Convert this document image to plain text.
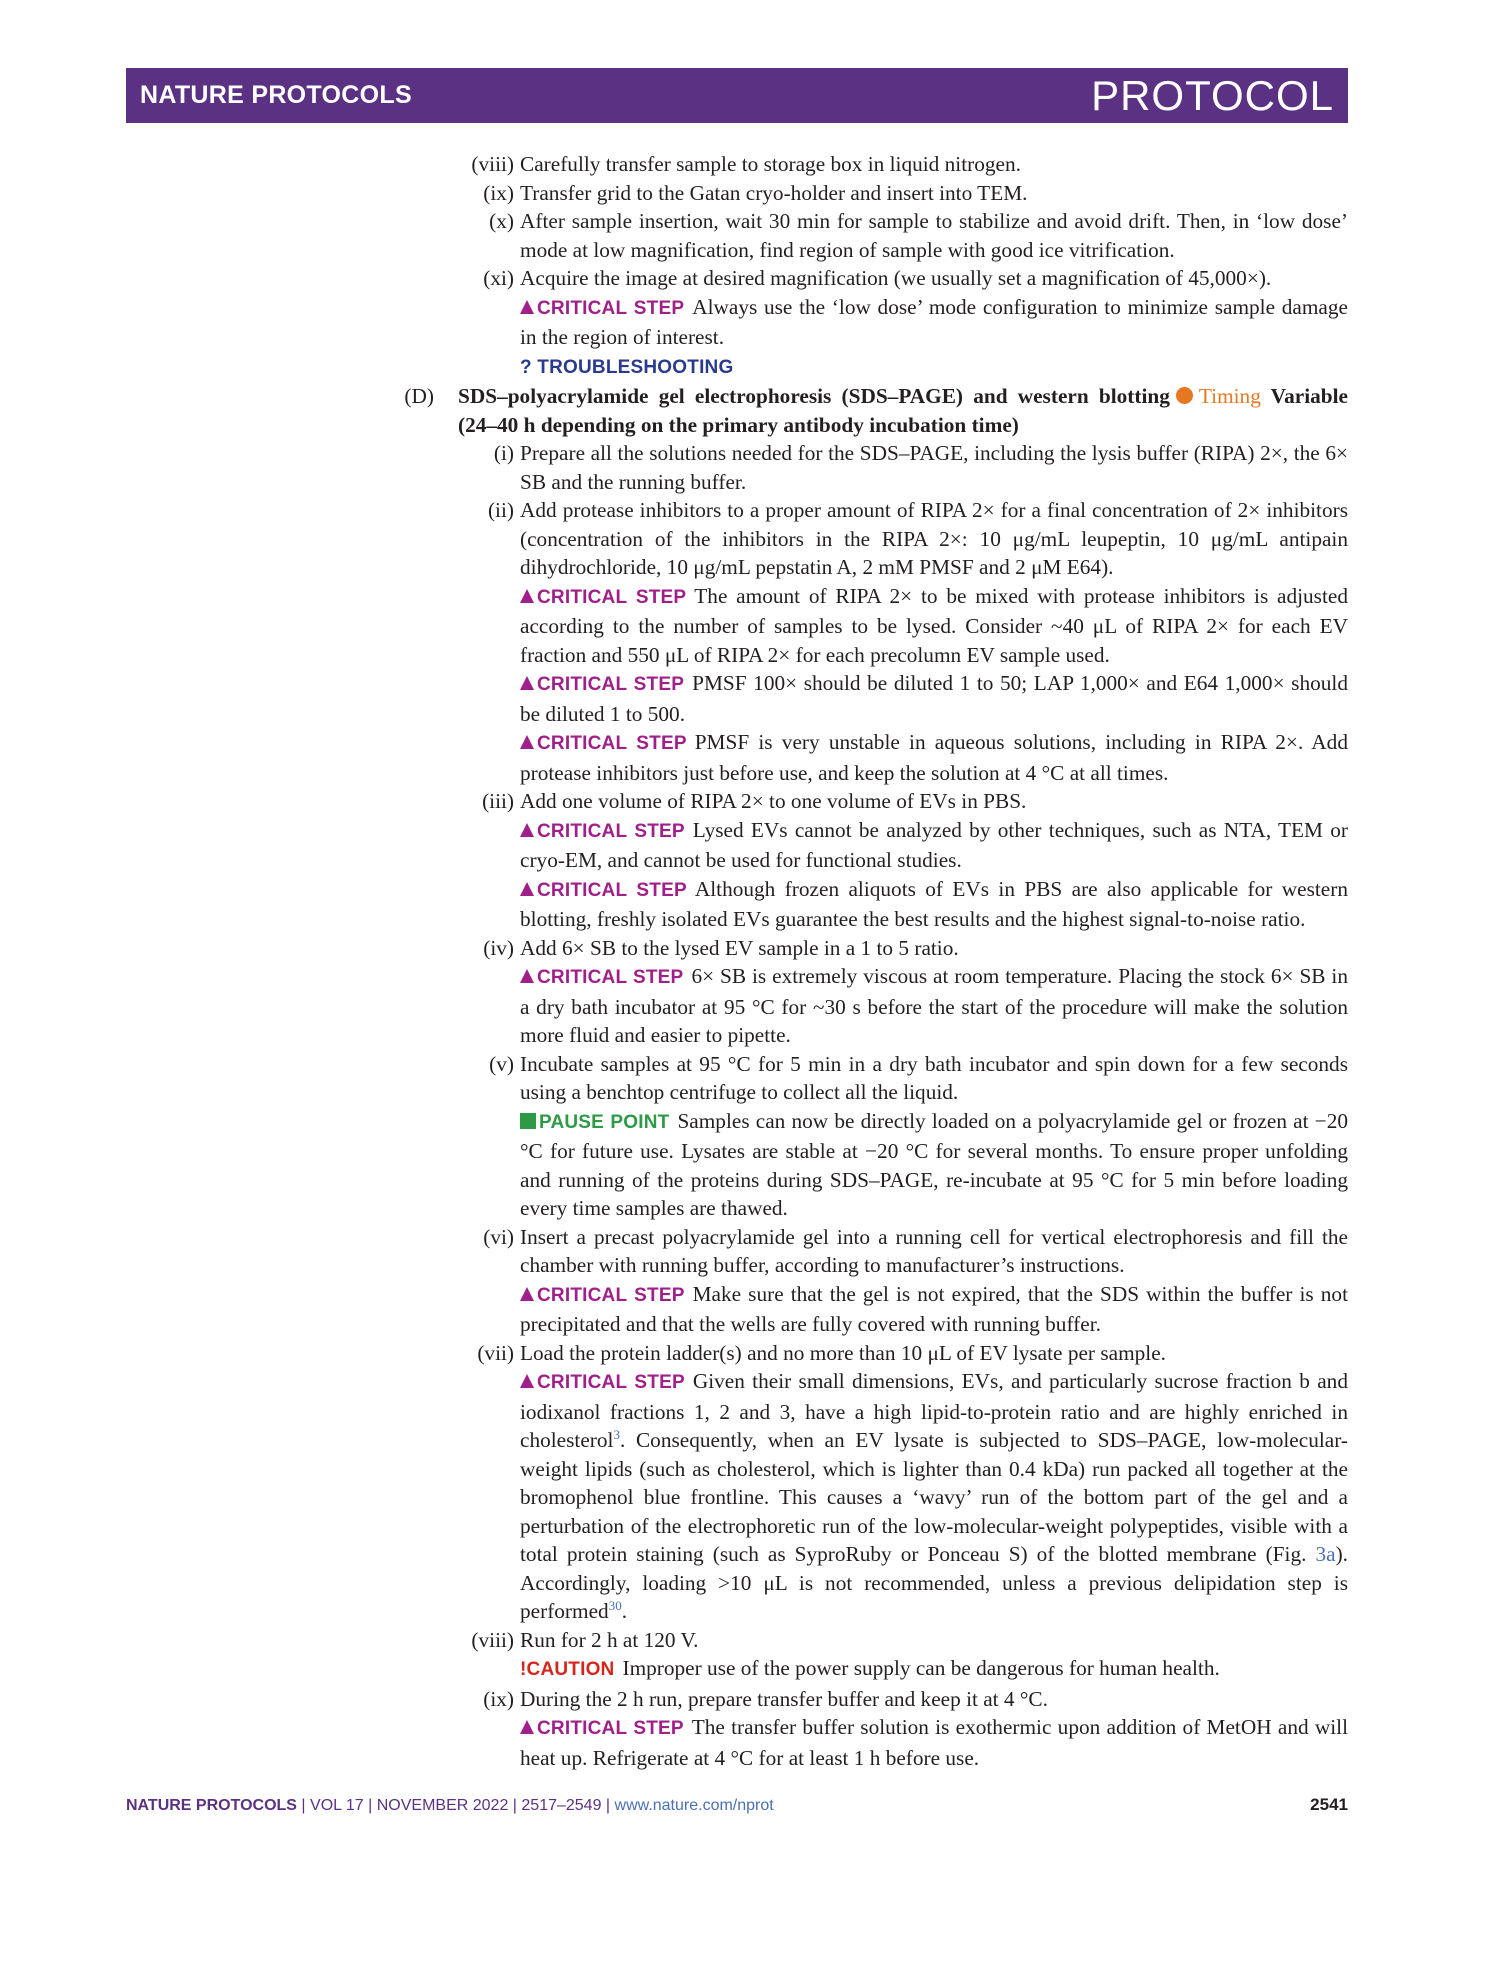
NATURE PROTOCOLS	PROTOCOL
(viii) Carefully transfer sample to storage box in liquid nitrogen.
(ix) Transfer grid to the Gatan cryo-holder and insert into TEM.
(x) After sample insertion, wait 30 min for sample to stabilize and avoid drift. Then, in ‘low dose’ mode at low magnification, find region of sample with good ice vitrification.
(xi) Acquire the image at desired magnification (we usually set a magnification of 45,000×).
CRITICAL STEP Always use the ‘low dose’ mode configuration to minimize sample damage in the region of interest.
? TROUBLESHOOTING
(D)	SDS–polyacrylamide gel electrophoresis (SDS–PAGE) and western blotting Timing Variable (24–40 h depending on the primary antibody incubation time)
(i) Prepare all the solutions needed for the SDS–PAGE, including the lysis buffer (RIPA) 2×, the 6× SB and the running buffer.
(ii) Add protease inhibitors to a proper amount of RIPA 2× for a final concentration of 2× inhibitors (concentration of the inhibitors in the RIPA 2×: 10 μg/mL leupeptin, 10 μg/mL antipain dihydrochloride, 10 μg/mL pepstatin A, 2 mM PMSF and 2 μM E64).
CRITICAL STEP The amount of RIPA 2× to be mixed with protease inhibitors is adjusted according to the number of samples to be lysed. Consider ~40 μL of RIPA 2× for each EV fraction and 550 μL of RIPA 2× for each precolumn EV sample used.
CRITICAL STEP PMSF 100× should be diluted 1 to 50; LAP 1,000× and E64 1,000× should be diluted 1 to 500.
CRITICAL STEP PMSF is very unstable in aqueous solutions, including in RIPA 2×. Add protease inhibitors just before use, and keep the solution at 4 °C at all times.
(iii) Add one volume of RIPA 2× to one volume of EVs in PBS.
CRITICAL STEP Lysed EVs cannot be analyzed by other techniques, such as NTA, TEM or cryo-EM, and cannot be used for functional studies.
CRITICAL STEP Although frozen aliquots of EVs in PBS are also applicable for western blotting, freshly isolated EVs guarantee the best results and the highest signal-to-noise ratio.
(iv) Add 6× SB to the lysed EV sample in a 1 to 5 ratio.
CRITICAL STEP 6× SB is extremely viscous at room temperature. Placing the stock 6× SB in a dry bath incubator at 95 °C for ~30 s before the start of the procedure will make the solution more fluid and easier to pipette.
(v) Incubate samples at 95 °C for 5 min in a dry bath incubator and spin down for a few seconds using a benchtop centrifuge to collect all the liquid.
PAUSE POINT Samples can now be directly loaded on a polyacrylamide gel or frozen at −20 °C for future use. Lysates are stable at −20 °C for several months. To ensure proper unfolding and running of the proteins during SDS–PAGE, re-incubate at 95 °C for 5 min before loading every time samples are thawed.
(vi) Insert a precast polyacrylamide gel into a running cell for vertical electrophoresis and fill the chamber with running buffer, according to manufacturer’s instructions.
CRITICAL STEP Make sure that the gel is not expired, that the SDS within the buffer is not precipitated and that the wells are fully covered with running buffer.
(vii) Load the protein ladder(s) and no more than 10 μL of EV lysate per sample.
CRITICAL STEP Given their small dimensions, EVs, and particularly sucrose fraction b and iodixanol fractions 1, 2 and 3, have a high lipid-to-protein ratio and are highly enriched in cholesterol$^3$. Consequently, when an EV lysate is subjected to SDS–PAGE, low-molecular-weight lipids (such as cholesterol, which is lighter than 0.4 kDa) run packed all together at the bromophenol blue frontline. This causes a ‘wavy’ run of the bottom part of the gel and a perturbation of the electrophoretic run of the low-molecular-weight polypeptides, visible with a total protein staining (such as SyproRuby or Ponceau S) of the blotted membrane (Fig. 3a). Accordingly, loading >10 μL is not recommended, unless a previous delipidation step is performed$^{30}$.
(viii) Run for 2 h at 120 V.
!CAUTION Improper use of the power supply can be dangerous for human health.
(ix) During the 2 h run, prepare transfer buffer and keep it at 4 °C.
CRITICAL STEP The transfer buffer solution is exothermic upon addition of MetOH and will heat up. Refrigerate at 4 °C for at least 1 h before use.
NATURE PROTOCOLS | VOL 17 | NOVEMBER 2022 | 2517–2549 | www.nature.com/nprot	2541
